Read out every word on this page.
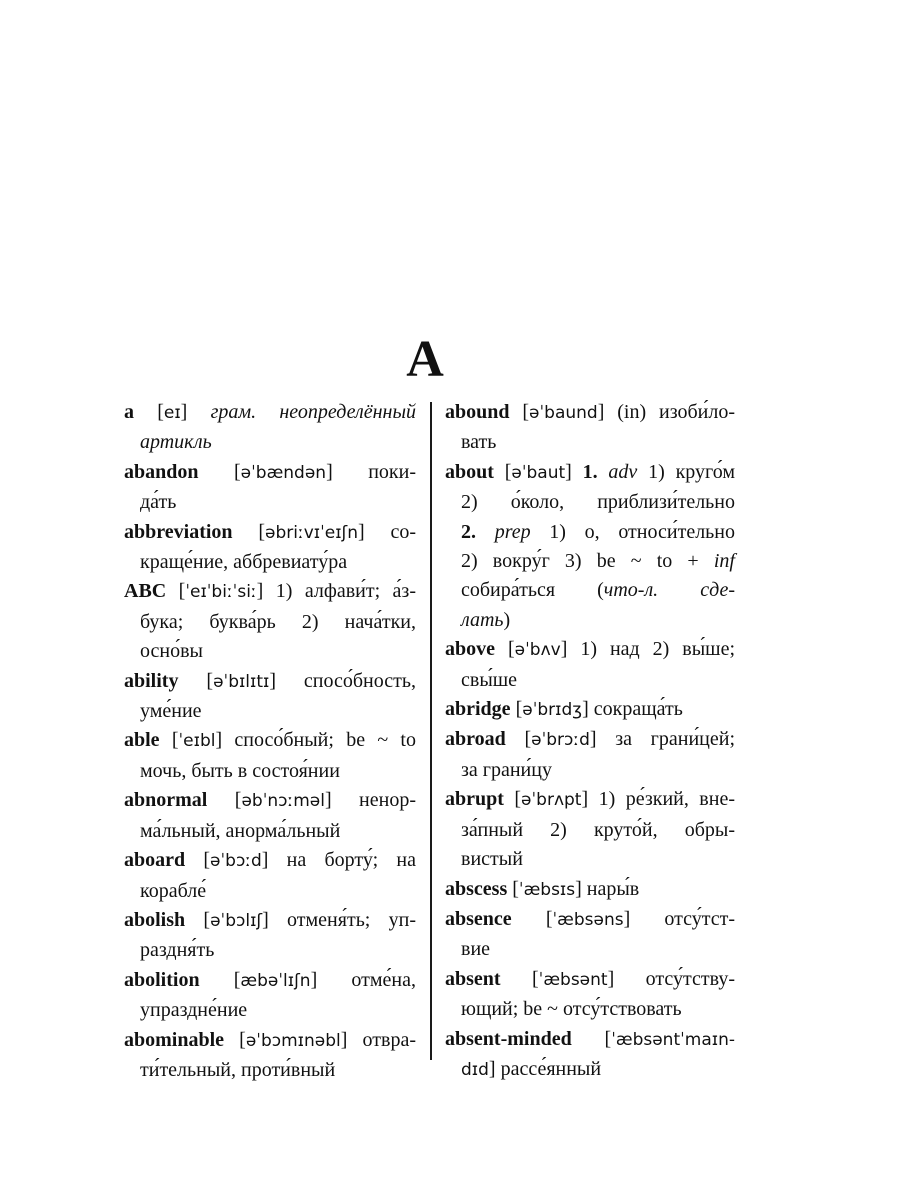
A
a [eɪ] грам. неопределённый
артикль
abandon [əˈbændən] поки-
да́ть
abbreviation [əbriːvɪˈeɪʃn] со-
краще́ние, аббревиату́ра
ABC [ˈeɪˈbiːˈsiː] 1) алфави́т; а́з-
бука; буква́рь 2) нача́тки,
осно́вы
ability [əˈbɪlɪtɪ] спосо́бность,
уме́ние
able [ˈeɪbl] спосо́бный; be ~ to
мочь, быть в состоя́нии
abnormal [əbˈnɔːməl] ненор-
ма́льный, анорма́льный
aboard [əˈbɔːd] на борту́; на
корабле́
abolish [əˈbɔlɪʃ] отменя́ть; уп-
раздня́ть
abolition [æbəˈlɪʃn] отме́на,
упраздне́ние
abominable [əˈbɔmɪnəbl] отвра-
ти́тельный, проти́вный
abound [əˈbaund] (in) изоби́ло-
вать
about [əˈbaut] 1. adv 1) круго́м
2) о́коло, приблизи́тельно
2. prep 1) о, относи́тельно
2) вокру́г 3) be ~ to + inf
собира́ться (что-л. сде-
лать)
above [əˈbʌv] 1) над 2) вы́ше;
свы́ше
abridge [əˈbrɪdʒ] сокраща́ть
abroad [əˈbrɔːd] за грани́цей;
за грани́цу
abrupt [əˈbrʌpt] 1) ре́зкий, вне-
за́пный 2) круто́й, обры-
вистый
abscess [ˈæbsɪs] нары́в
absence [ˈæbsəns] отсу́тст-
вие
absent [ˈæbsənt] отсу́тству-
ющий; be ~ отсу́тствовать
absent-minded [ˈæbsəntˈmaɪn-
dɪd] рассе́янный
